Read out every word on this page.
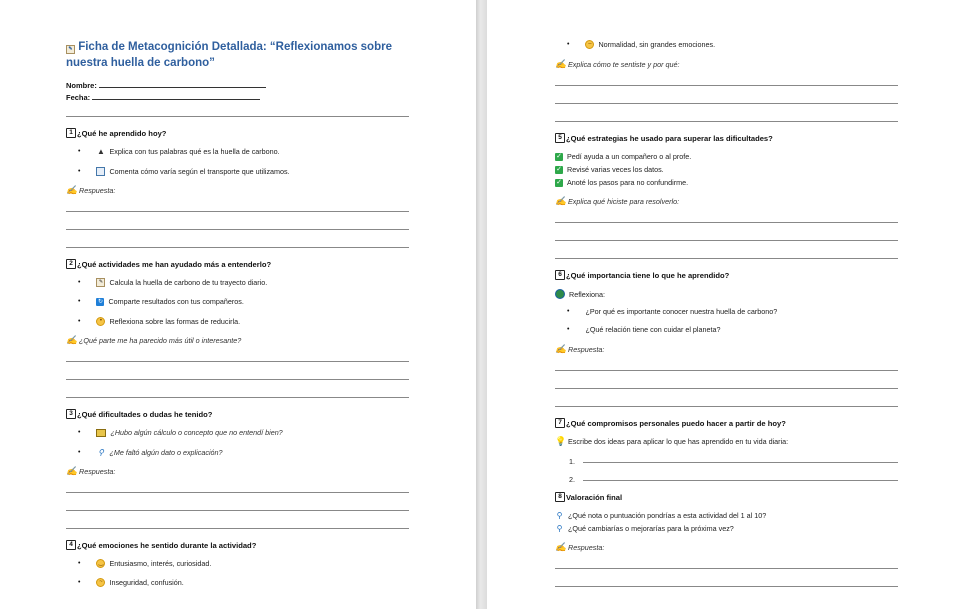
✎ Ficha de Metacognición Detallada: “Reflexionamos sobre
nuestra huella de carbono”
Nombre:
Fecha:
1 ¿Qué he aprendido hoy?
• ▲ Explica con tus palabras qué es la huella de carbono.
•	Comenta cómo varía según el transporte que utilizamos.
✍ Respuesta:
2 ¿Qué actividades me han ayudado más a entenderlo?
•	✎ Calcula la huella de carbono de tu trayecto diario.
•	↻ Comparte resultados con tus compañeros.
•	•	Reflexiona sobre las formas de reducirla.
✍ ¿Qué parte me ha parecido más útil o interesante?
3 ¿Qué dificultades o dudas he tenido?
•	¿Hubo algún cálculo o concepto que no entendí bien?
• ⚲ ¿Me faltó algún dato o explicación?
✍ Respuesta:
4 ¿Qué emociones he sentido durante la actividad?
•	‿ Entusiasmo, interés, curiosidad.
•	~ Inseguridad, confusión.
•	– Normalidad, sin grandes emociones.
✍ Explica cómo te sentiste y por qué:
5 ¿Qué estrategias he usado para superar las dificultades?
✓ Pedí ayuda a un compañero o al profe.
✓ Revisé varias veces los datos.
✓ Anoté los pasos para no confundirme.
✍ Explica qué hiciste para resolverlo:
6 ¿Qué importancia tiene lo que he aprendido?
Reflexiona:
• ¿Por qué es importante conocer nuestra huella de carbono?
• ¿Qué relación tiene con cuidar el planeta?
✍ Respuesta:
7 ¿Qué compromisos personales puedo hacer a partir de hoy?
💡 Escribe dos ideas para aplicar lo que has aprendido en tu vida diaria:
1.
2.
8 Valoración final
⚲ ¿Qué nota o puntuación pondrías a esta actividad del 1 al 10?
⚲ ¿Qué cambiarías o mejorarías para la próxima vez?
✍ Respuesta:
